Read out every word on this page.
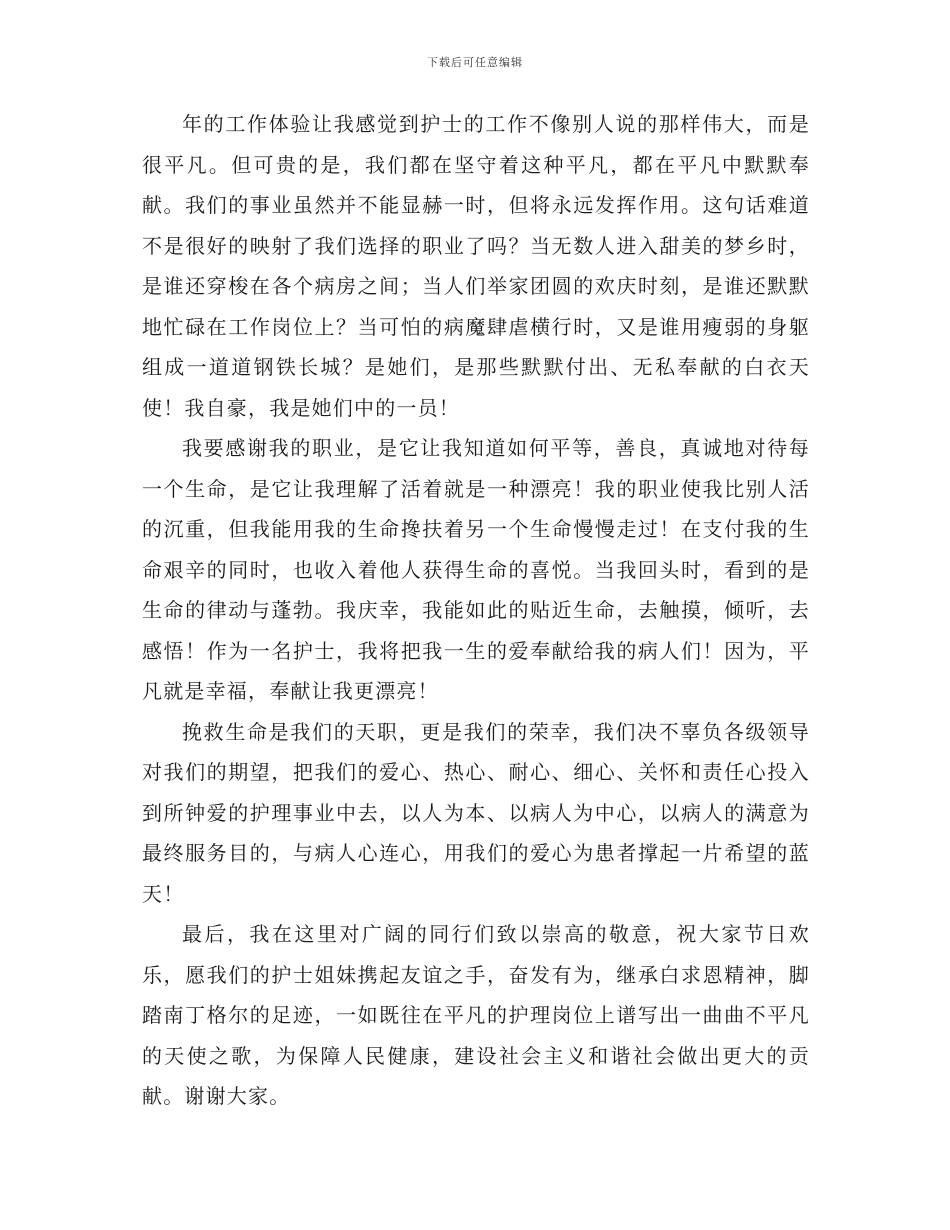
下载后可任意编辑

年的工作体验让我感觉到护士的工作不像别人说的那样伟大，而是很平凡。但可贵的是，我们都在坚守着这种平凡，都在平凡中默默奉献。我们的事业虽然并不能显赫一时，但将永远发挥作用。这句话难道不是很好的映射了我们选择的职业了吗？当无数人进入甜美的梦乡时，是谁还穿梭在各个病房之间；当人们举家团圆的欢庆时刻，是谁还默默地忙碌在工作岗位上？当可怕的病魔肆虐横行时，又是谁用瘦弱的身躯组成一道道钢铁长城？是她们，是那些默默付出、无私奉献的白衣天使！我自豪，我是她们中的一员！

我要感谢我的职业，是它让我知道如何平等，善良，真诚地对待每一个生命，是它让我理解了活着就是一种漂亮！我的职业使我比别人活的沉重，但我能用我的生命搀扶着另一个生命慢慢走过！在支付我的生命艰辛的同时，也收入着他人获得生命的喜悦。当我回头时，看到的是生命的律动与蓬勃。我庆幸，我能如此的贴近生命，去触摸，倾听，去感悟！作为一名护士，我将把我一生的爱奉献给我的病人们！因为，平凡就是幸福，奉献让我更漂亮！

挽救生命是我们的天职，更是我们的荣幸，我们决不辜负各级领导对我们的期望，把我们的爱心、热心、耐心、细心、关怀和责任心投入到所钟爱的护理事业中去，以人为本、以病人为中心，以病人的满意为最终服务目的，与病人心连心，用我们的爱心为患者撑起一片希望的蓝天！

最后，我在这里对广阔的同行们致以崇高的敬意，祝大家节日欢乐，愿我们的护士姐妹携起友谊之手，奋发有为，继承白求恩精神，脚踏南丁格尔的足迹，一如既往在平凡的护理岗位上谱写出一曲曲不平凡的天使之歌，为保障人民健康，建设社会主义和谐社会做出更大的贡献。谢谢大家。
